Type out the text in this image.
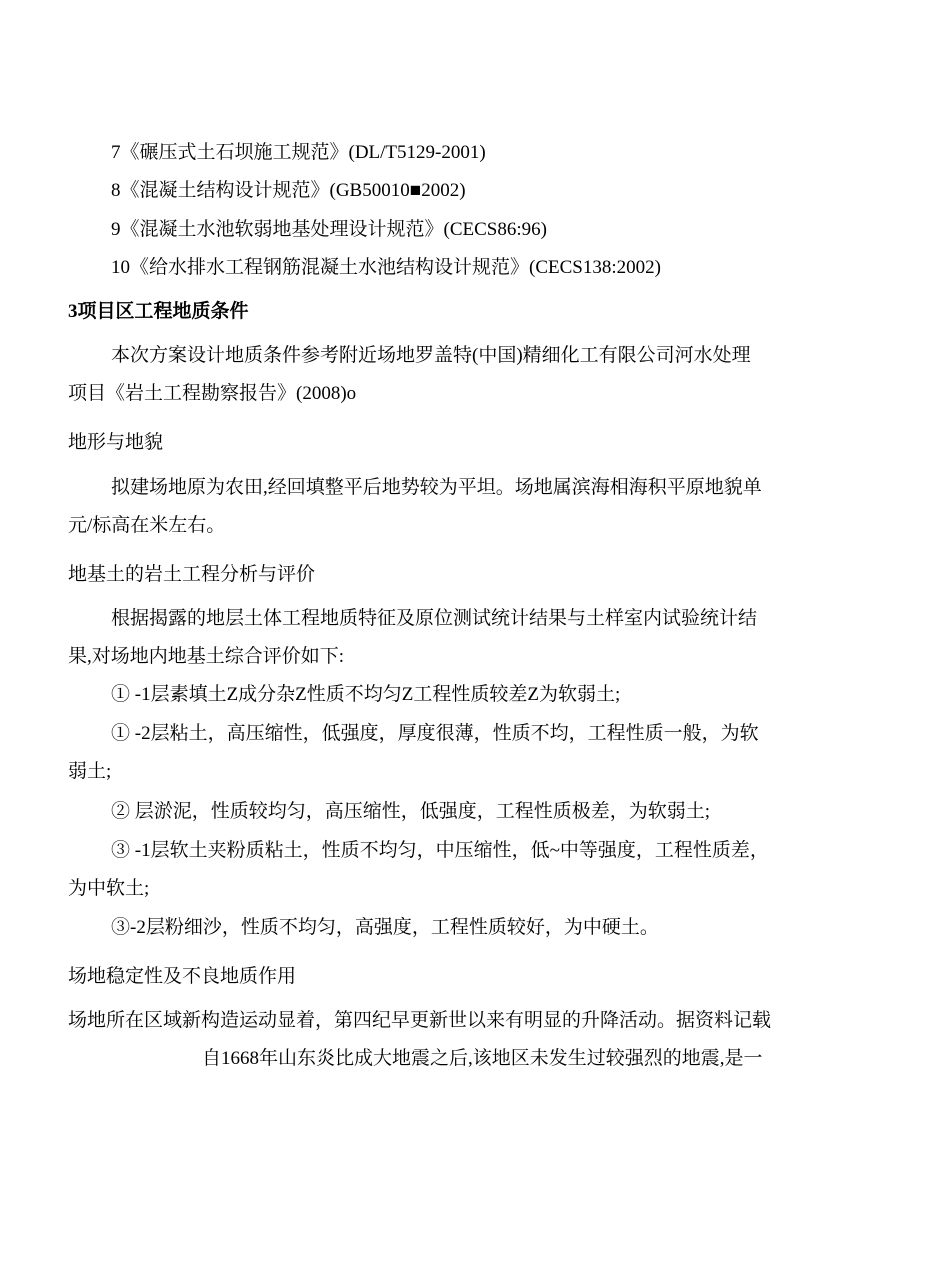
7《碾压式土石坝施工规范》(DL/T5129-2001)
8《混凝土结构设计规范》(GB50010■2002)
9《混凝土水池软弱地基处理设计规范》(CECS86:96)
10《给水排水工程钢筋混凝土水池结构设计规范》(CECS138:2002)
3项目区工程地质条件
本次方案设计地质条件参考附近场地罗盖特(中国)精细化工有限公司河水处理
项目《岩土工程勘察报告》(2008)o
地形与地貌
拟建场地原为农田,经回填整平后地势较为平坦。场地属滨海相海积平原地貌单
元/标高在米左右。
地基土的岩土工程分析与评价
根据揭露的地层土体工程地质特征及原位测试统计结果与土样室内试验统计结
果,对场地内地基土综合评价如下:
① -1层素填土Z成分杂Z性质不均匀Z工程性质较差Z为软弱土;
① -2层粘土，高压缩性，低强度，厚度很薄，性质不均，工程性质一般，为软
弱土;
② 层淤泥，性质较均匀，高压缩性，低强度，工程性质极差，为软弱土;
③ -1层软土夹粉质粘土，性质不均匀，中压缩性，低~中等强度，工程性质差，
为中软土;
③-2层粉细沙，性质不均匀，高强度，工程性质较好，为中硬土。
场地稳定性及不良地质作用
场地所在区域新构造运动显着，第四纪早更新世以来有明显的升降活动。据资料记载
自1668年山东炎比成大地震之后,该地区未发生过较强烈的地震,是一
